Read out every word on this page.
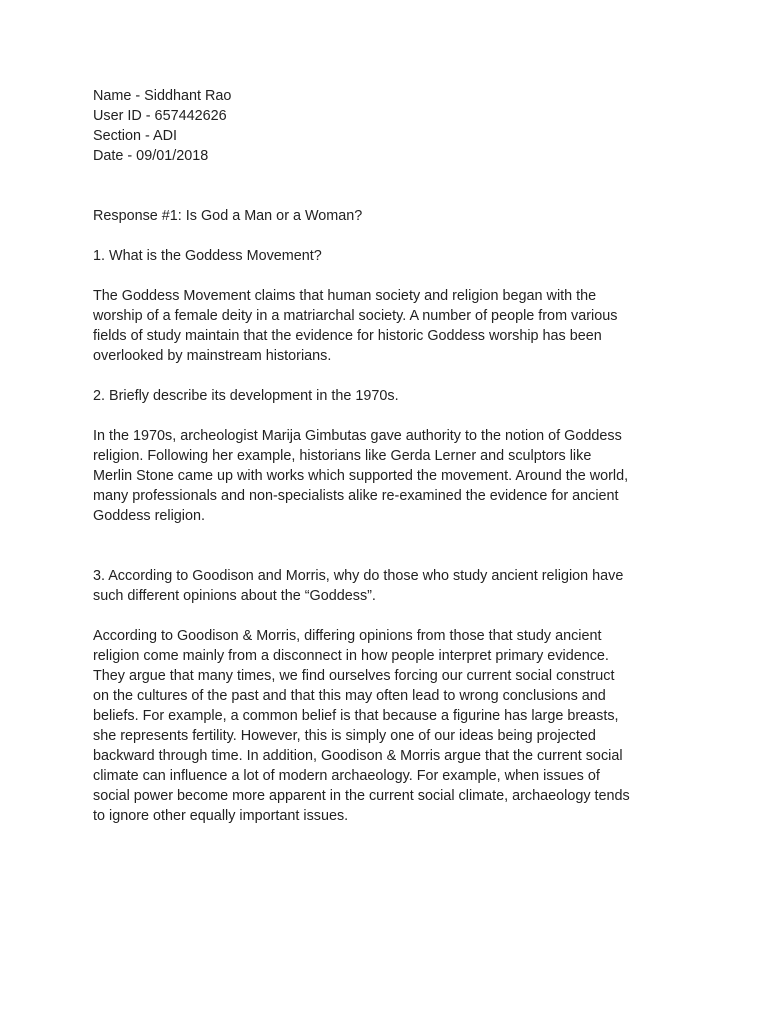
Name - Siddhant Rao
User ID - 657442626
Section - ADI
Date - 09/01/2018
Response #1: Is God a Man or a Woman?
1. What is the Goddess Movement?

The Goddess Movement claims that human society and religion began with the
worship of a female deity in a matriarchal society. A number of people from various
fields of study maintain that the evidence for historic Goddess worship has been
overlooked by mainstream historians.

2. Briefly describe its development in the 1970s.

In the 1970s, archeologist Marija Gimbutas gave authority to the notion of Goddess
religion. Following her example, historians like Gerda Lerner and sculptors like
Merlin Stone came up with works which supported the movement. Around the world,
many professionals and non-specialists alike re-examined the evidence for ancient
Goddess religion.

3. According to Goodison and Morris, why do those who study ancient religion have
such different opinions about the “Goddess”.

According to Goodison & Morris, differing opinions from those that study ancient
religion come mainly from a disconnect in how people interpret primary evidence.
They argue that many times, we find ourselves forcing our current social construct
on the cultures of the past and that this may often lead to wrong conclusions and
beliefs. For example, a common belief is that because a figurine has large breasts,
she represents fertility. However, this is simply one of our ideas being projected
backward through time. In addition, Goodison & Morris argue that the current social
climate can influence a lot of modern archaeology. For example, when issues of
social power become more apparent in the current social climate, archaeology tends
to ignore other equally important issues.
